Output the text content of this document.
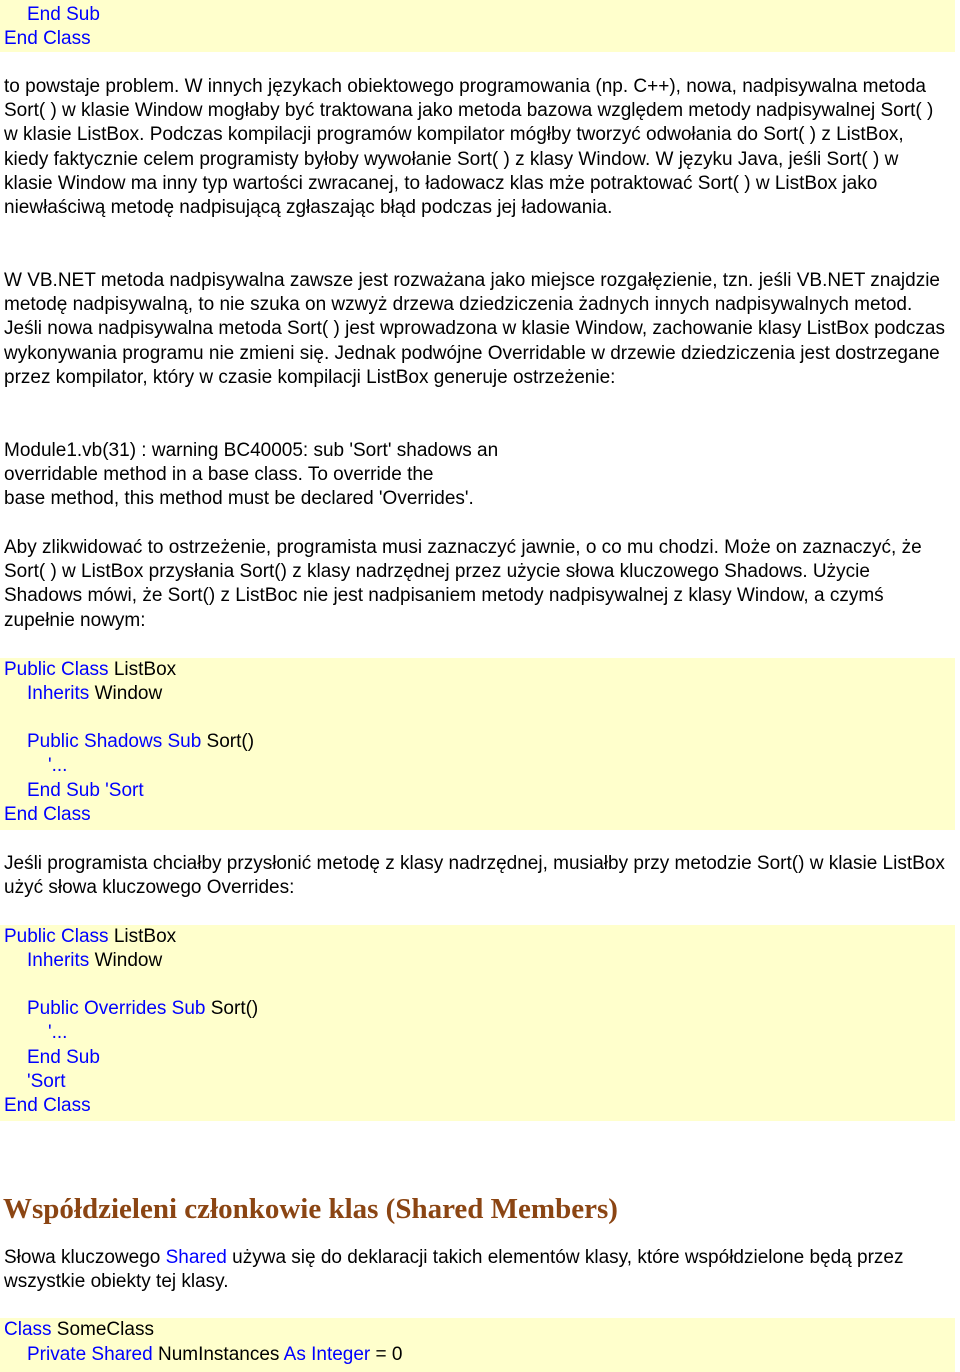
End Sub
End Class
to powstaje problem. W innych językach obiektowego programowania (np. C++), nowa, nadpisywalna metoda Sort( ) w klasie Window mogłaby być traktowana jako metoda bazowa względem metody nadpisywalnej Sort( ) w klasie ListBox. Podczas kompilacji programów kompilator mógłby tworzyć odwołania do Sort( ) z ListBox, kiedy faktycznie celem programisty byłoby wywołanie Sort( ) z klasy Window. W języku Java, jeśli Sort( ) w klasie Window ma inny typ wartości zwracanej, to ładowacz klas mże potraktować Sort( ) w ListBox jako niewłaściwą metodę nadpisującą zgłaszając błąd podczas jej ładowania.
W VB.NET metoda nadpisywalna zawsze jest rozważana jako miejsce rozgałęzienie, tzn. jeśli VB.NET znajdzie metodę nadpisywalną, to nie szuka on wzwyż drzewa dziedziczenia żadnych innych nadpisywalnych metod. Jeśli nowa nadpisywalna metoda Sort( ) jest wprowadzona w klasie Window, zachowanie klasy ListBox podczas wykonywania programu nie zmieni się. Jednak podwójne Overridable w drzewie dziedziczenia jest dostrzegane przez kompilator, który w czasie kompilacji ListBox generuje ostrzeżenie:
Module1.vb(31) : warning BC40005: sub 'Sort' shadows an
overridable method in a base class. To override the
base method, this method must be declared 'Overrides'.
Aby zlikwidować to ostrzeżenie, programista musi zaznaczyć jawnie, o co mu chodzi. Może on zaznaczyć, że Sort( ) w ListBox przysłania Sort() z klasy nadrzędnej przez użycie słowa kluczowego Shadows. Użycie Shadows mówi, że Sort() z ListBoc nie jest nadpisaniem metody nadpisywalnej z klasy Window, a czymś zupełnie nowym:
Public Class ListBox
Inherits Window
Public Shadows Sub Sort()
'...
End Sub 'Sort
End Class
Jeśli programista chciałby przysłonić metodę z klasy nadrzędnej, musiałby przy metodzie Sort() w klasie ListBox użyć słowa kluczowego Overrides:
Public Class ListBox
Inherits Window
Public Overrides Sub Sort()
'...
End Sub
'Sort
End Class
Współdzieleni członkowie klas (Shared Members)
Słowa kluczowego Shared używa się do deklaracji takich elementów klasy, które współdzielone będą przez wszystkie obiekty tej klasy.
Class SomeClass
Private Shared NumInstances As Integer = 0
